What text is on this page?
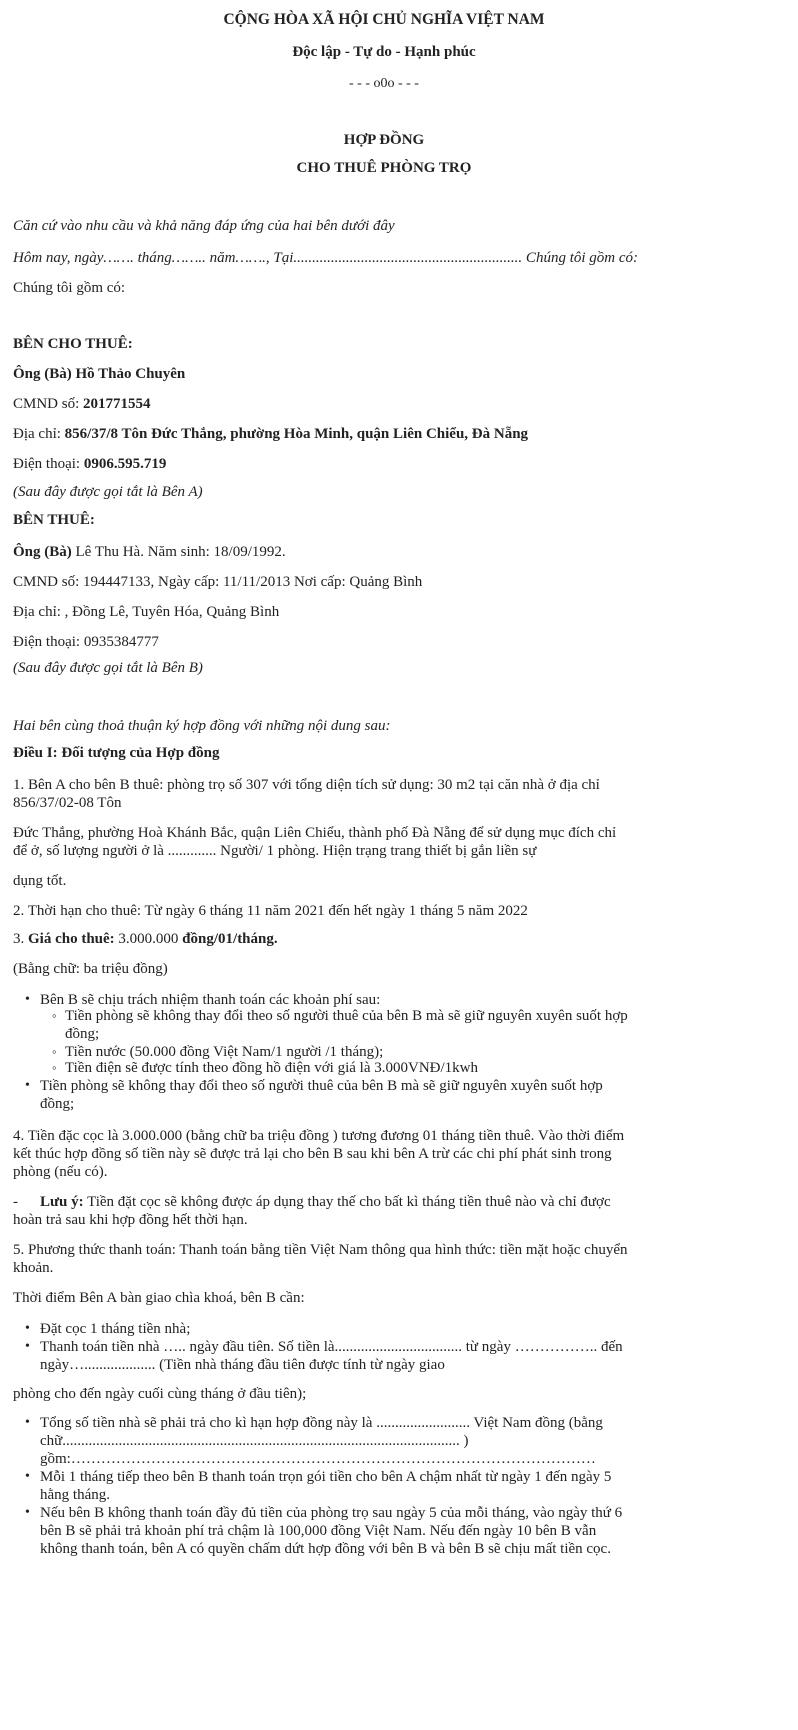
CỘNG HÒA XÃ HỘI CHỦ NGHĨA VIỆT NAM
Độc lập - Tự do - Hạnh phúc
- - - o0o - - -
HỢP ĐỒNG
CHO THUÊ PHÒNG TRỌ
Căn cứ vào nhu cầu và khả năng đáp ứng của hai bên dưới đây
Hôm nay, ngày……. tháng…….. năm……., Tại............................................................. Chúng tôi gồm có:
Chúng tôi gồm có:
BÊN CHO THUÊ:
Ông (Bà) Hồ Thảo Chuyên
CMND số: 201771554
Địa chỉ: 856/37/8 Tôn Đức Thắng, phường Hòa Minh, quận Liên Chiểu, Đà Nẵng
Điện thoại: 0906.595.719
(Sau đây được gọi tắt là Bên A)
BÊN THUÊ:
Ông (Bà) Lê Thu Hà. Năm sinh: 18/09/1992.
CMND số: 194447133, Ngày cấp: 11/11/2013 Nơi cấp: Quảng Bình
Địa chỉ: , Đồng Lê, Tuyên Hóa, Quảng Bình
Điện thoại: 0935384777
(Sau đây được gọi tắt là Bên B)
Hai bên cùng thoả thuận ký hợp đồng với những nội dung sau:
Điều I: Đối tượng của Hợp đồng
1. Bên A cho bên B thuê: phòng trọ số 307 với tổng diện tích sử dụng: 30 m2 tại căn nhà ở địa chỉ
856/37/02-08 Tôn
Đức Thắng, phường Hoà Khánh Bắc, quận Liên Chiểu, thành phố Đà Nẵng để sử dụng mục đích chỉ
để ở, số lượng người ở là ............. Người/ 1 phòng. Hiện trạng trang thiết bị gắn liền sự
dụng tốt.
2. Thời hạn cho thuê: Từ ngày 6 tháng 11 năm 2021 đến hết ngày 1 tháng 5 năm 2022
3. Giá cho thuê: 3.000.000 đồng/01/tháng.
(Bằng chữ: ba triệu đồng)
• Bên B sẽ chịu trách nhiệm thanh toán các khoản phí sau:
◦ Tiền phòng sẽ không thay đổi theo số người thuê của bên B mà sẽ giữ nguyên xuyên suốt hợp
đồng;
◦ Tiền nước (50.000 đồng Việt Nam/1 người /1 tháng);
◦ Tiền điện sẽ được tính theo đồng hồ điện với giá là 3.000VNĐ/1kwh
• Tiền phòng sẽ không thay đổi theo số người thuê của bên B mà sẽ giữ nguyên xuyên suốt hợp
đồng;
4. Tiền đặc cọc là 3.000.000 (bằng chữ ba triệu đồng ) tương đương 01 tháng tiền thuê. Vào thời điểm
kết thúc hợp đồng số tiền này sẽ được trả lại cho bên B sau khi bên A trừ các chi phí phát sinh trong
phòng (nếu có).
- Lưu ý: Tiền đặt cọc sẽ không được áp dụng thay thế cho bất kì tháng tiền thuê nào và chỉ được
hoàn trả sau khi hợp đồng hết thời hạn.
5. Phương thức thanh toán: Thanh toán bằng tiền Việt Nam thông qua hình thức: tiền mặt hoặc chuyển
khoản.
Thời điểm Bên A bàn giao chìa khoá, bên B cần:
• Đặt cọc 1 tháng tiền nhà;
• Thanh toán tiền nhà ….. ngày đầu tiên. Số tiền là.................................. từ ngày …………….. đến
ngày…................... (Tiền nhà tháng đầu tiên được tính từ ngày giao
phòng cho đến ngày cuối cùng tháng ở đầu tiên);
• Tổng số tiền nhà sẽ phải trả cho kì hạn hợp đồng này là ......................... Việt Nam đồng (bằng
chữ.......................................................................................................... )
gồm:……………………………………………………………………………………………
• Mỗi 1 tháng tiếp theo bên B thanh toán trọn gói tiền cho bên A chậm nhất từ ngày 1 đến ngày 5
hằng tháng.
• Nếu bên B không thanh toán đầy đủ tiền của phòng trọ sau ngày 5 của mỗi tháng, vào ngày thứ 6
bên B sẽ phải trả khoản phí trả chậm là 100,000 đồng Việt Nam. Nếu đến ngày 10 bên B vẫn
không thanh toán, bên A có quyền chấm dứt hợp đồng với bên B và bên B sẽ chịu mất tiền cọc.
